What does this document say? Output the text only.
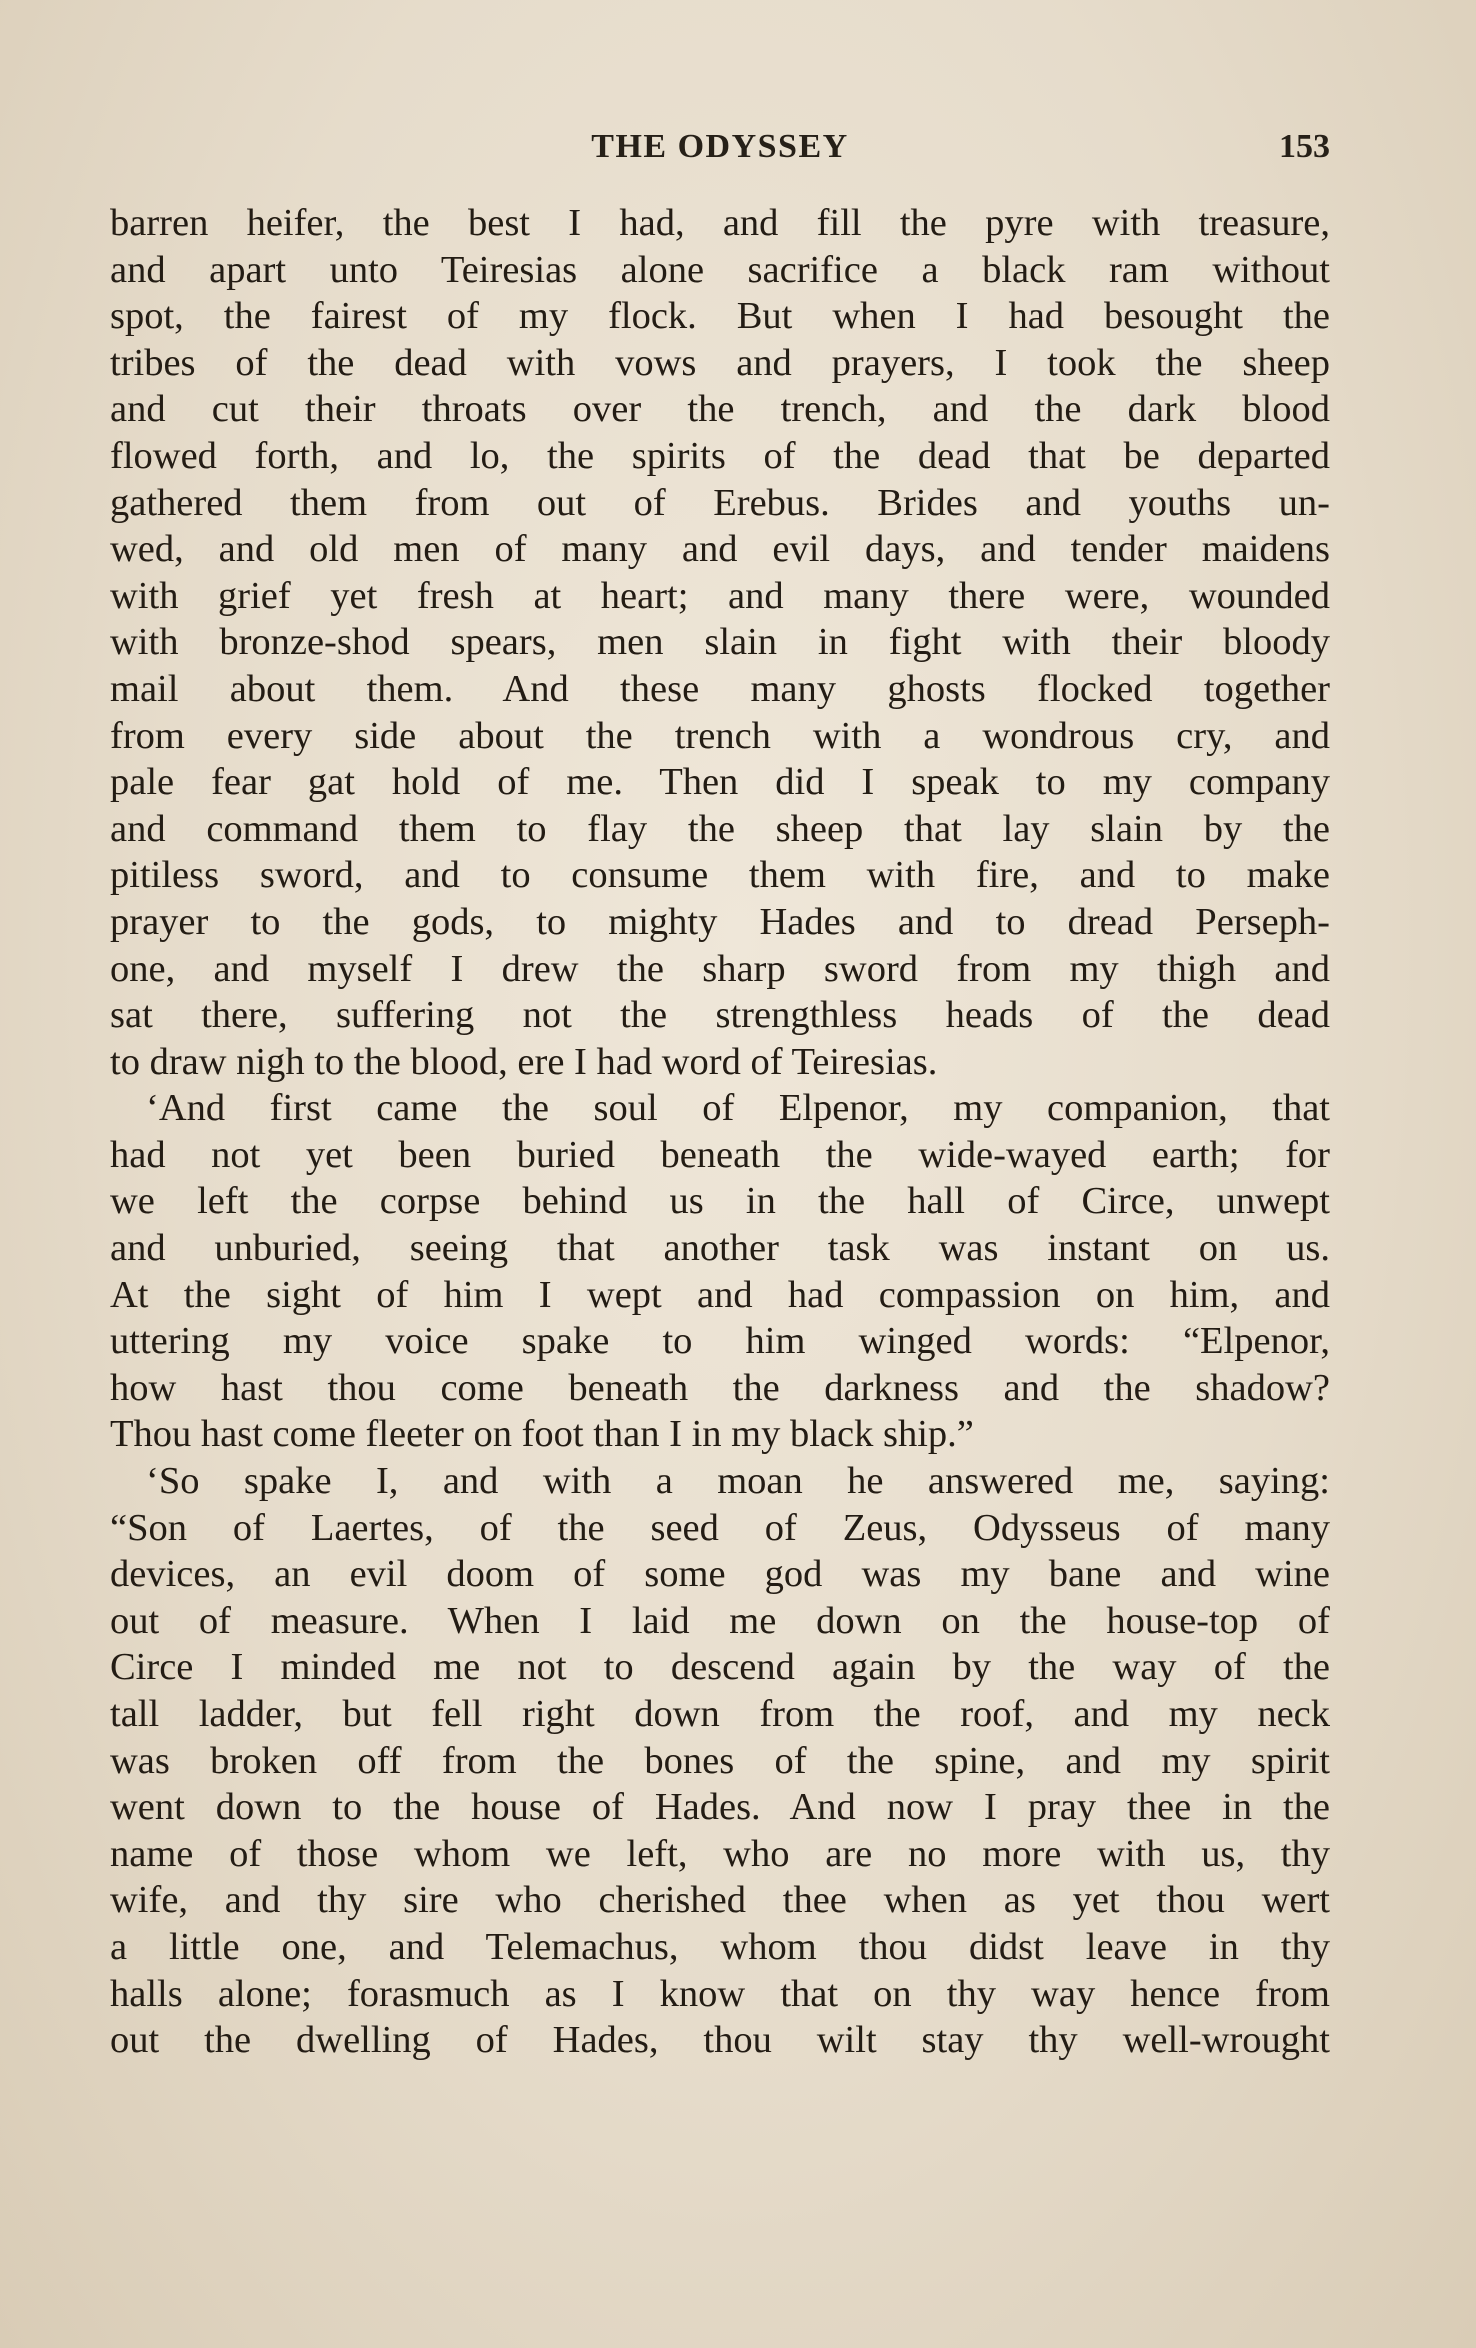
THE ODYSSEY	153
barren heifer, the best I had, and fill the pyre with treasure,
and apart unto Teiresias alone sacrifice a black ram without
spot, the fairest of my flock. But when I had besought the
tribes of the dead with vows and prayers, I took the sheep
and cut their throats over the trench, and the dark blood
flowed forth, and lo, the spirits of the dead that be departed
gathered them from out of Erebus. Brides and youths un-
wed, and old men of many and evil days, and tender maidens
with grief yet fresh at heart; and many there were, wounded
with bronze-shod spears, men slain in fight with their bloody
mail about them. And these many ghosts flocked together
from every side about the trench with a wondrous cry, and
pale fear gat hold of me. Then did I speak to my company
and command them to flay the sheep that lay slain by the
pitiless sword, and to consume them with fire, and to make
prayer to the gods, to mighty Hades and to dread Perseph-
one, and myself I drew the sharp sword from my thigh and
sat there, suffering not the strengthless heads of the dead
to draw nigh to the blood, ere I had word of Teiresias.
‘And first came the soul of Elpenor, my companion, that
had not yet been buried beneath the wide-wayed earth; for
we left the corpse behind us in the hall of Circe, unwept
and unburied, seeing that another task was instant on us.
At the sight of him I wept and had compassion on him, and
uttering my voice spake to him winged words: “Elpenor,
how hast thou come beneath the darkness and the shadow?
Thou hast come fleeter on foot than I in my black ship.”
‘So spake I, and with a moan he answered me, saying:
“Son of Laertes, of the seed of Zeus, Odysseus of many
devices, an evil doom of some god was my bane and wine
out of measure. When I laid me down on the house-top of
Circe I minded me not to descend again by the way of the
tall ladder, but fell right down from the roof, and my neck
was broken off from the bones of the spine, and my spirit
went down to the house of Hades. And now I pray thee in the
name of those whom we left, who are no more with us, thy
wife, and thy sire who cherished thee when as yet thou wert
a little one, and Telemachus, whom thou didst leave in thy
halls alone; forasmuch as I know that on thy way hence from
out the dwelling of Hades, thou wilt stay thy well-wrought
